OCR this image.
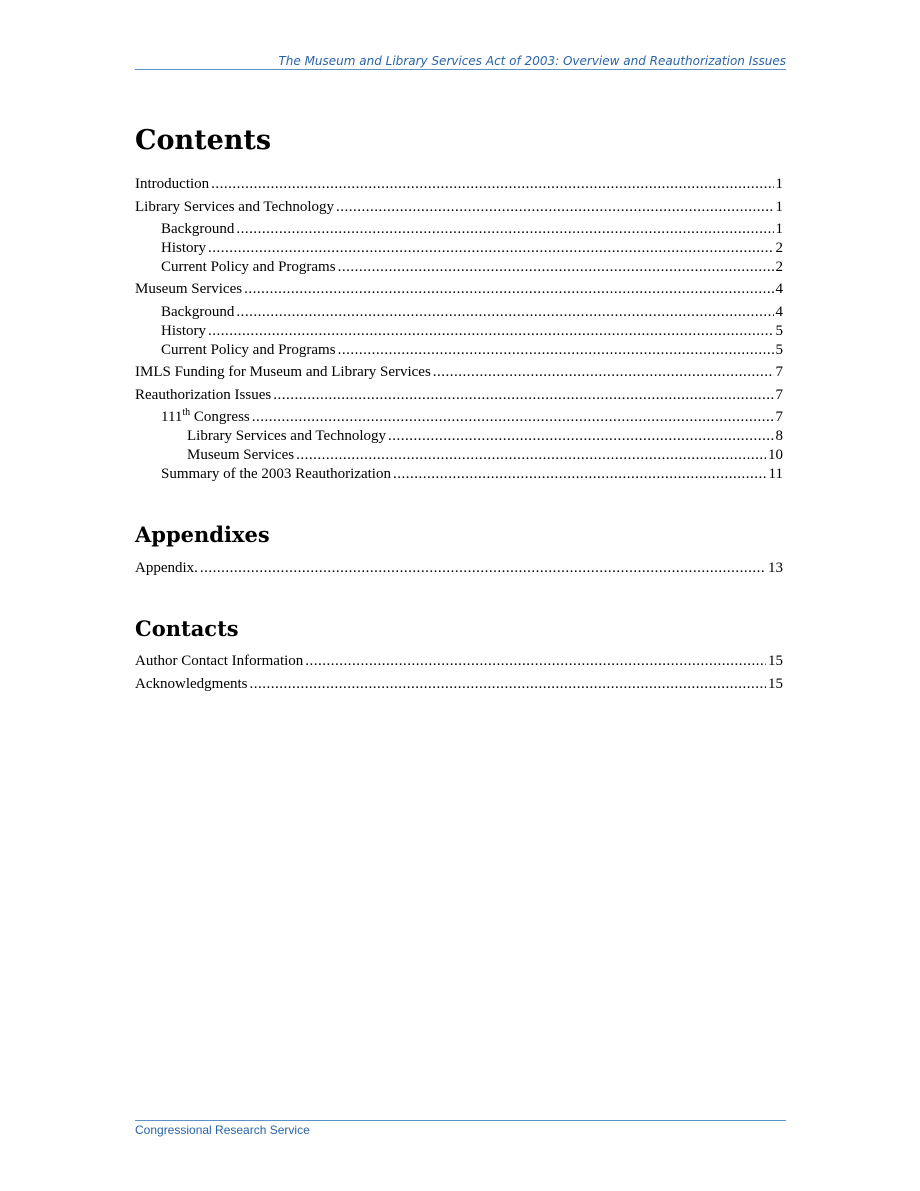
The Museum and Library Services Act of 2003: Overview and Reauthorization Issues
Contents
Introduction .....	1
Library Services and Technology .....	1
Background .....	1
History .....	2
Current Policy and Programs .....	2
Museum Services .....	4
Background .....	4
History .....	5
Current Policy and Programs .....	5
IMLS Funding for Museum and Library Services .....	7
Reauthorization Issues .....	7
111th Congress .....	7
Library Services and Technology .....	8
Museum Services .....	10
Summary of the 2003 Reauthorization .....	11
Appendixes
Appendix. .....	13
Contacts
Author Contact Information .....	15
Acknowledgments .....	15
Congressional Research Service
